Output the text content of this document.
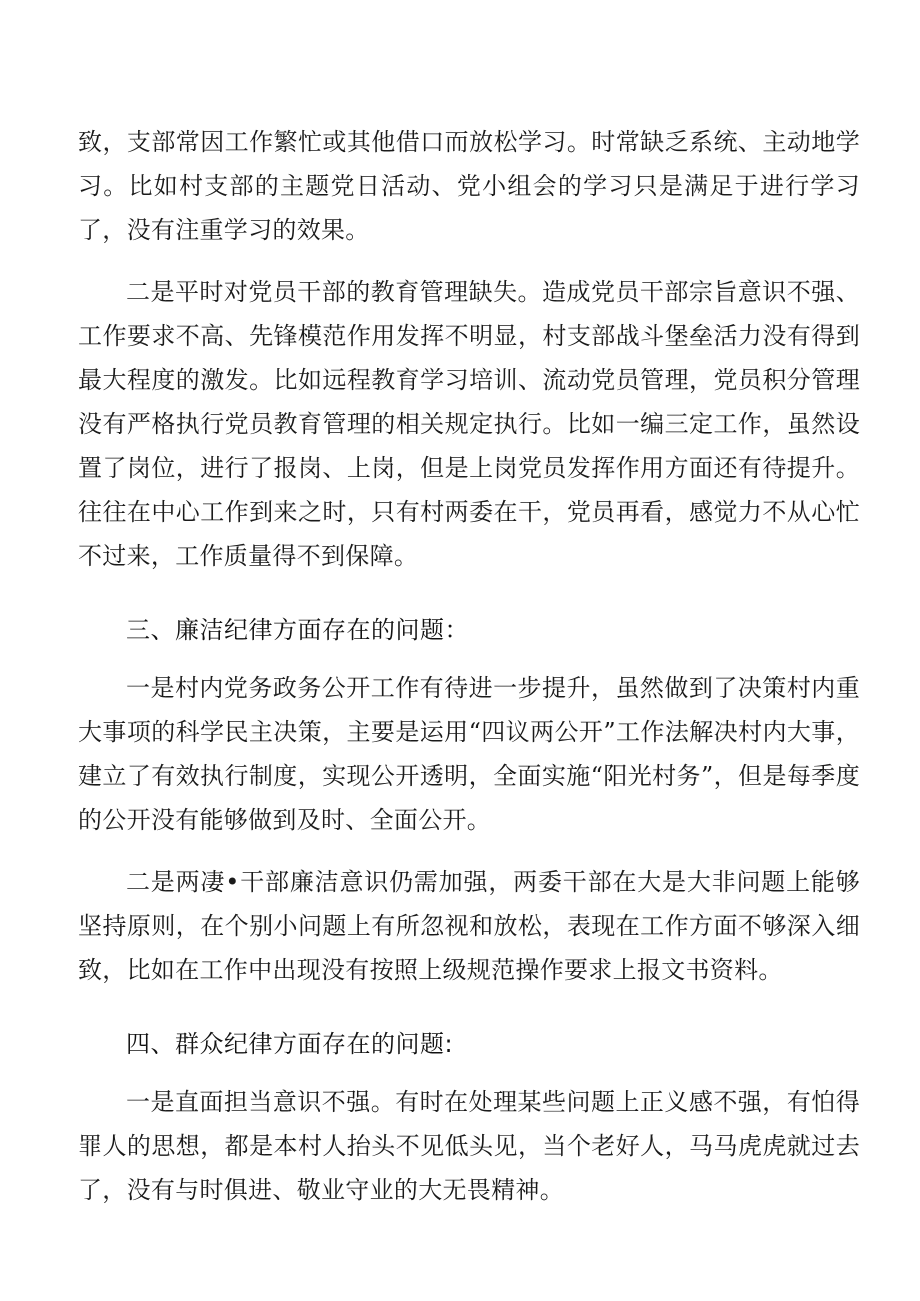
致，支部常因工作繁忙或其他借口而放松学习。时常缺乏系统、主动地学习。比如村支部的主题党日活动、党小组会的学习只是满足于进行学习了，没有注重学习的效果。

二是平时对党员干部的教育管理缺失。造成党员干部宗旨意识不强、工作要求不高、先锋模范作用发挥不明显，村支部战斗堡垒活力没有得到最大程度的激发。比如远程教育学习培训、流动党员管理，党员积分管理没有严格执行党员教育管理的相关规定执行。比如一编三定工作，虽然设置了岗位，进行了报岗、上岗，但是上岗党员发挥作用方面还有待提升。往往在中心工作到来之时，只有村两委在干，党员再看，感觉力不从心忙不过来，工作质量得不到保障。

三、廉洁纪律方面存在的问题：

一是村内党务政务公开工作有待进一步提升，虽然做到了决策村内重大事项的科学民主决策，主要是运用“四议两公开”工作法解决村内大事，建立了有效执行制度，实现公开透明，全面实施“阳光村务”，但是每季度的公开没有能够做到及时、全面公开。

二是两凄•干部廉洁意识仍需加强，两委干部在大是大非问题上能够坚持原则，在个别小问题上有所忽视和放松，表现在工作方面不够深入细致，比如在工作中出现没有按照上级规范操作要求上报文书资料。

四、群众纪律方面存在的问题:

一是直面担当意识不强。有时在处理某些问题上正义感不强，有怕得罪人的思想，都是本村人抬头不见低头见，当个老好人，马马虎虎就过去了，没有与时俱进、敬业守业的大无畏精神。
